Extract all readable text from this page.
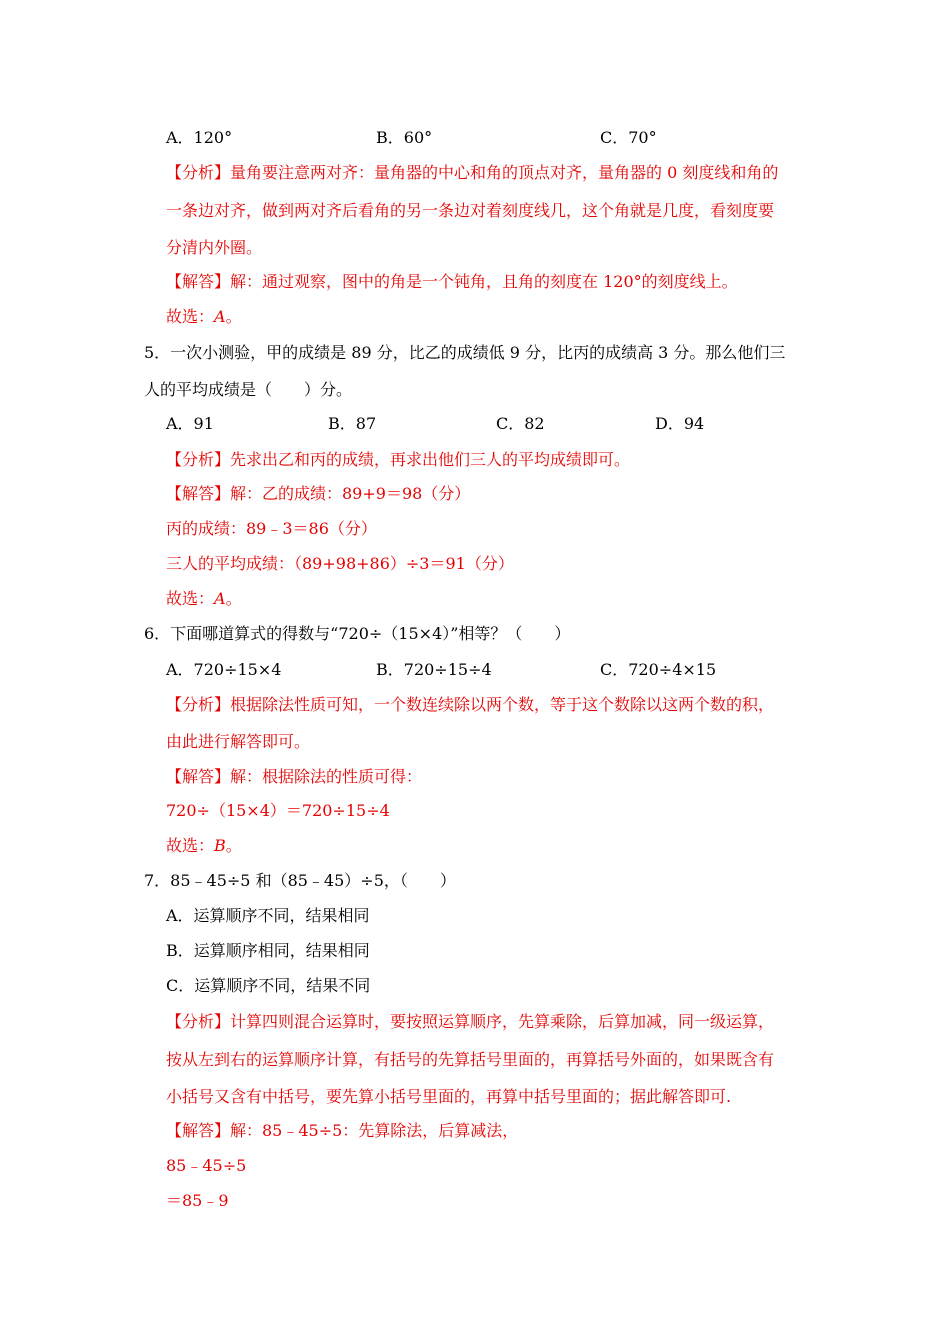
A．120°	B．60°	C．70°
【分析】量角要注意两对齐：量角器的中心和角的顶点对齐，量角器的 0 刻度线和角的
一条边对齐，做到两对齐后看角的另一条边对着刻度线几，这个角就是几度，看刻度要
分清内外圈。
【解答】解：通过观察，图中的角是一个钝角，且角的刻度在 120°的刻度线上。
故选：A。
5．一次小测验，甲的成绩是 89 分，比乙的成绩低 9 分，比丙的成绩高 3 分。那么他们三
人的平均成绩是（　　）分。
A．91	B．87	C．82	D．94
【分析】先求出乙和丙的成绩，再求出他们三人的平均成绩即可。
【解答】解：乙的成绩：89+9＝98（分）
丙的成绩：89﹣3＝86（分）
三人的平均成绩：（89+98+86）÷3＝91（分）
故选：A。
6．下面哪道算式的得数与“720÷（15×4）”相等？（　　）
A．720÷15×4	B．720÷15÷4	C．720÷4×15
【分析】根据除法性质可知，一个数连续除以两个数，等于这个数除以这两个数的积，
由此进行解答即可。
【解答】解：根据除法的性质可得：
720÷（15×4）＝720÷15÷4
故选：B。
7．85﹣45÷5 和（85﹣45）÷5，（　　）
A．运算顺序不同，结果相同
B．运算顺序相同，结果相同
C．运算顺序不同，结果不同
【分析】计算四则混合运算时，要按照运算顺序，先算乘除，后算加减，同一级运算，
按从左到右的运算顺序计算，有括号的先算括号里面的，再算括号外面的，如果既含有
小括号又含有中括号，要先算小括号里面的，再算中括号里面的；据此解答即可.
【解答】解：85﹣45÷5：先算除法，后算减法，
85﹣45÷5
＝85﹣9
